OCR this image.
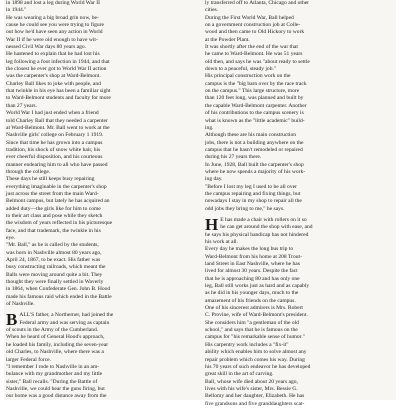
in 1898 and lost a leg during World War II
in 1944."
He was wearing a big broad grin now, be-
cause he could see you were trying to figure
out how he'd have seen any action in World
War II if he were old enough to have wit-
nessed Civil War days 80 years ago.
He hastened to explain that he had lost his
leg following a foot infection in 1944, and that
the closest he ever got to World War II action
was the carpenter's shop at Ward-Belmont.
Charley Ball likes to joke with people, and
that twinkle in his eye has been a familiar sight
to Ward-Belmont students and faculty for more
than 27 years.
World War I had just ended when a friend
told Charley Ball that they needed a carpenter
at Ward-Belmont. Mr. Ball went to work at the
Nashville girls' college on February 1 1919.
Since that time he has grown into a campus
tradition, his shock of snow white hair, his
ever cheerful disposition, and his courteous
manner endearing him to all who have passed
through the college.
These days he still keeps busy repairing
everything imaginable in the carpenter's shop
just across the street from the main Ward-
Belmont campus, but lately he has acquired an
added duty—the girls like for him to come
to their art class and pose while they sketch
the wisdom of years reflected in his picturesque
face, and that trademark, the twinkle in his
eye.
"Mr. Ball," as he is called by the students,
was born in Nashville almost 80 years ago,
April 24, 1867, to be exact. His father was
busy constructing railroads, which meant the
Balls were moving around quite a bit. They
thought they were finally settled in Waverly
in 1864, when Confederate Gen. John B. Hood
made his famous raid which ended in the Battle
of Nashville.

B ALL'S father, a Northerner, had joined the
Federal army and was serving as captain
of scouts in the Army of the Cumberland.
When he heard of General Hood's approach,
he loaded his family, including the seven-year
old Charles, to Nashville, where there was a
larger Federal force.
"I remember I rode to Nashville in an am-
bulance with my grandmother and my little
sister," Ball recalls. "During the Battle of
Nashville, we could hear the guns firing, but
our home was a good distance away from the

ly transferred off to Atlanta, Chicago and other
cities.
During the First World War, Ball helped
on a government construction job at Colle-
wood and then came to Old Hickory to work
at the Powder Plant.
It was shortly after the end of the war that
he came to Ward-Belmont. He was 51 years
old then, and says he was "about ready to settle
down to a peaceful, steady job."
His principal construction work on the
campus is the "big barn over by the race track
on the campus." This large structure, more
than 120 feet long, was planned and built by
the capable Ward-Belmont carpenter. Another
of his contributions to the campus scenery is
what is known as the "little academic" build-
ing.
Although these are his main construction
jobs, there is not a building anywhere on the
campus that he hasn't remodeled or repaired
during his 27 years there.
In June, 1928, Ball built the carpenter's shop
where he now spends a majority of his work-
ing day.
"Before I lost my leg I used to be all over
the campus repairing and fixing things, but
nowadays I stay in my shop to repair all the
odd jobs they bring to me," he says.

H E has made a chair with rollers on it so
he can get around the shop with ease, and
he says his physical handicap has not hindered
his work at all.
Every day he makes the long bus trip to
Ward-Belmont from his home at 208 Trout-
land Street in East Nashville, where he has
lived for almost 30 years. Despite the fact
that he is approaching 80 and has only one
leg, Ball still works just as hard and as capably
as he did in his younger days, much to the
amazement of his friends on the campus.
One of his sincerest admirers is Mrs. Robert
C. Provine, wife of Ward-Belmont's president.
She considers him "a gentleman of the old
school," and says that he is famous on the
campus for "his remarkable sense of humor."
His carpentry work includes a "fix-it"
ability which enables him to solve almost any
repair problem which comes his way. During
his 70 years of such endeavor he has developed
great skill in the art of carving.
Ball, whose wife died about 20 years ago,
lives with his wife's sister, Mrs. Bessie G.
Bellomy and her daughter, Elizabeth. He has
five grandsons and five granddaughters scat-
